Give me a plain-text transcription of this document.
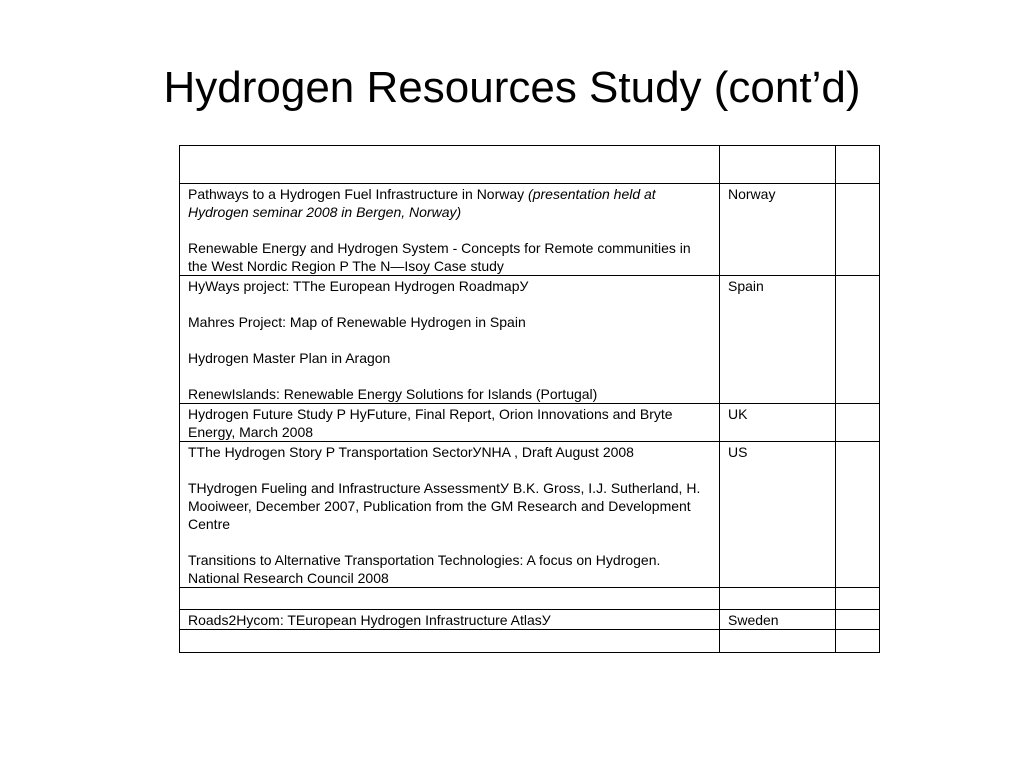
Hydrogen Resources Study (cont’d)

Pathways to a Hydrogen Fuel Infrastructure in Norway (presentation held at Hydrogen seminar 2008 in Bergen, Norway)
Renewable Energy and Hydrogen System - Concepts for Remote communities in the West Nordic Region P The N—Isoy Case study	Norway	

HyWays project: TThe European Hydrogen RoadmapУ
Mahres Project: Map of Renewable Hydrogen in Spain
Hydrogen Master Plan in Aragon
RenewIslands: Renewable Energy Solutions for Islands (Portugal)	Spain	

Hydrogen Future Study P HyFuture, Final Report, Orion Innovations and Bryte Energy, March 2008	UK	

TThe Hydrogen Story P Transportation SectorУNHA , Draft August 2008
THydrogen Fueling and Infrastructure AssessmentУ B.K. Gross, I.J. Sutherland, H. Mooiweer, December 2007, Publication from the GM Research and Development Centre
Transitions to Alternative Transportation Technologies: A focus on Hydrogen. National Research Council 2008	US	

Roads2Hycom: TEuropean Hydrogen Infrastructure AtlasУ	Sweden	
